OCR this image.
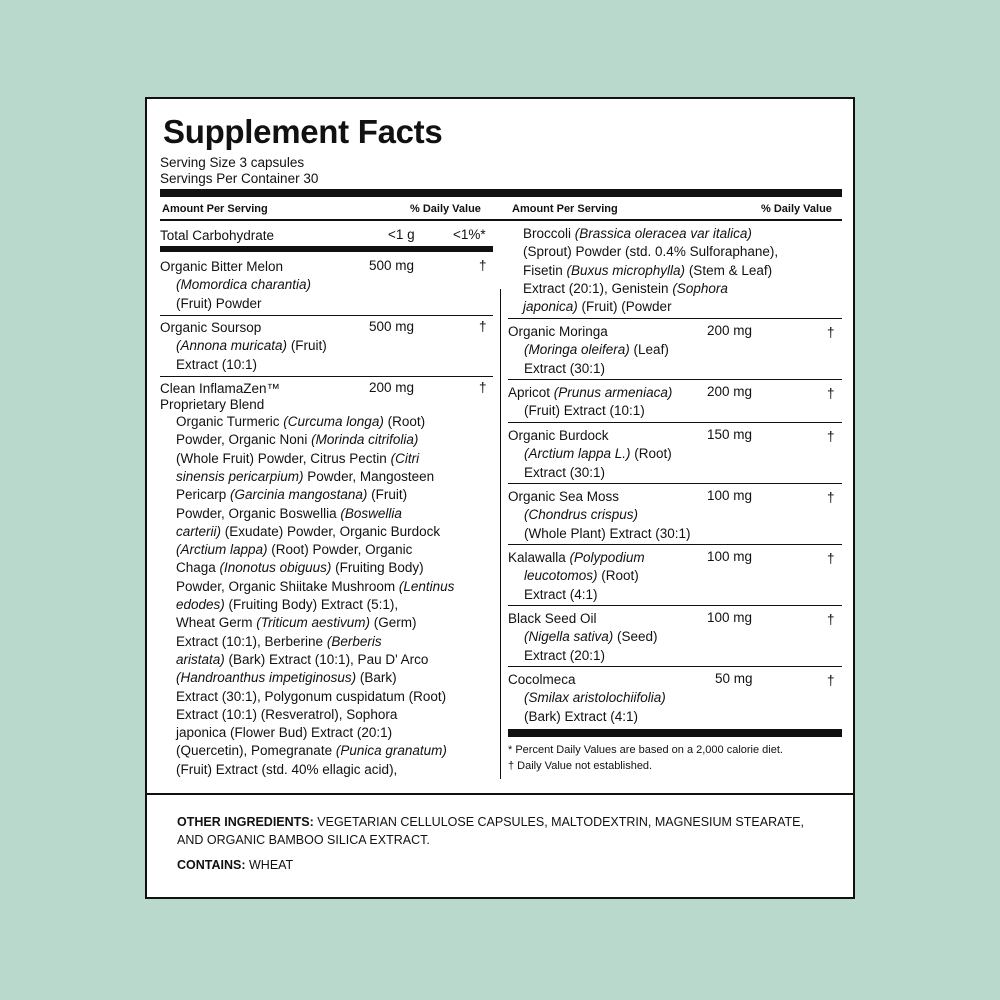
Supplement Facts
Serving Size 3 capsules
Servings Per Container 30
Amount Per Serving	% Daily Value	Amount Per Serving	% Daily Value
Total Carbohydrate	<1 g	<1%*
Organic Bitter Melon	500 mg	†
(Momordica charantia)
(Fruit) Powder
Organic Soursop	500 mg	†
(Annona muricata) (Fruit)
Extract (10:1)
Clean InflamaZen™
Proprietary Blend
200 mg	†
Organic Turmeric (Curcuma longa) (Root)
Powder, Organic Noni (Morinda citrifolia)
(Whole Fruit) Powder, Citrus Pectin (Citri
sinensis pericarpium) Powder, Mangosteen
Pericarp (Garcinia mangostana) (Fruit)
Powder, Organic Boswellia (Boswellia
carterii) (Exudate) Powder, Organic Burdock
(Arctium lappa) (Root) Powder, Organic
Chaga (Inonotus obiguus) (Fruiting Body)
Powder, Organic Shiitake Mushroom (Lentinus
edodes) (Fruiting Body) Extract (5:1),
Wheat Germ (Triticum aestivum) (Germ)
Extract (10:1), Berberine (Berberis
aristata) (Bark) Extract (10:1), Pau D' Arco
(Handroanthus impetiginosus) (Bark)
Extract (30:1), Polygonum cuspidatum (Root)
Extract (10:1) (Resveratrol), Sophora
japonica (Flower Bud) Extract (20:1)
(Quercetin), Pomegranate (Punica granatum)
(Fruit) Extract (std. 40% ellagic acid),
Broccoli (Brassica oleracea var italica)
(Sprout) Powder (std. 0.4% Sulforaphane),
Fisetin (Buxus microphylla) (Stem & Leaf)
Extract (20:1), Genistein (Sophora
japonica) (Fruit) (Powder
Organic Moringa	200 mg	†
(Moringa oleifera) (Leaf)
Extract (30:1)
Apricot (Prunus armeniaca)	200 mg	†
(Fruit) Extract (10:1)
Organic Burdock	150 mg	†
(Arctium lappa L.) (Root)
Extract (30:1)
Organic Sea Moss	100 mg	†
(Chondrus crispus)
(Whole Plant) Extract (30:1)
Kalawalla (Polypodium	100 mg	†
leucotomos) (Root)
Extract (4:1)
Black Seed Oil	100 mg	†
(Nigella sativa) (Seed)
Extract (20:1)
Cocolmeca	50 mg	†
(Smilax aristolochiifolia)
(Bark) Extract (4:1)
* Percent Daily Values are based on a 2,000 calorie diet.
† Daily Value not established.
OTHER INGREDIENTS: VEGETARIAN CELLULOSE CAPSULES, MALTODEXTRIN, MAGNESIUM STEARATE,
AND ORGANIC BAMBOO SILICA EXTRACT.
CONTAINS: WHEAT
